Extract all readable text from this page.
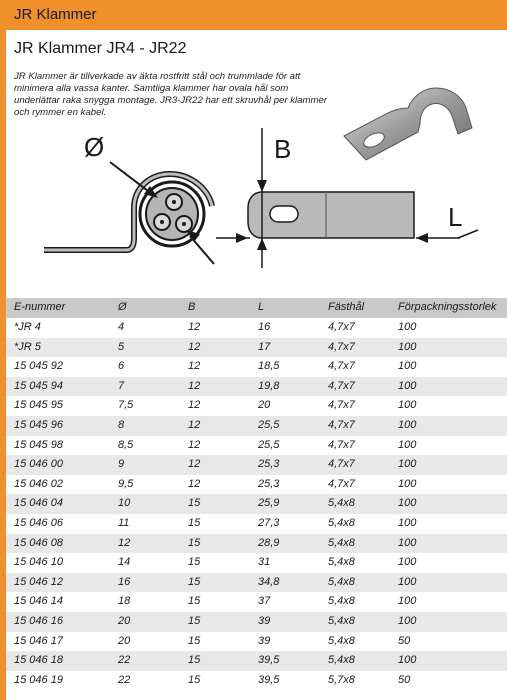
JR Klammer
JR Klammer JR4 - JR22
JR Klammer är tillverkade av äkta rostfritt stål och trummlade för att minimera alla vassa kanter. Samtliga klammer har ovala hål som underlättar raka snygga montage. JR3-JR22 har ett skruvhål per klammer och rymmer en kabel.
Ø	B
L
E-nummer	Ø	B	L	Fästhål	Förpackningsstorlek
*JR 4	4	12	16	4,7x7	100
*JR 5	5	12	17	4,7x7	100
15 045 92	6	12	18,5	4,7x7	100
15 045 94	7	12	19,8	4,7x7	100
15 045 95	7,5	12	20	4,7x7	100
15 045 96	8	12	25,5	4,7x7	100
15 045 98	8,5	12	25,5	4,7x7	100
15 046 00	9	12	25,3	4,7x7	100
15 046 02	9,5	12	25,3	4,7x7	100
15 046 04	10	15	25,9	5,4x8	100
15 046 06	11	15	27,3	5,4x8	100
15 046 08	12	15	28,9	5,4x8	100
15 046 10	14	15	31	5,4x8	100
15 046 12	16	15	34,8	5,4x8	100
15 046 14	18	15	37	5,4x8	100
15 046 16	20	15	39	5,4x8	100
15 046 17	20	15	39	5,4x8	50
15 046 18	22	15	39,5	5,4x8	100
15 046 19	22	15	39,5	5,7x8	50
